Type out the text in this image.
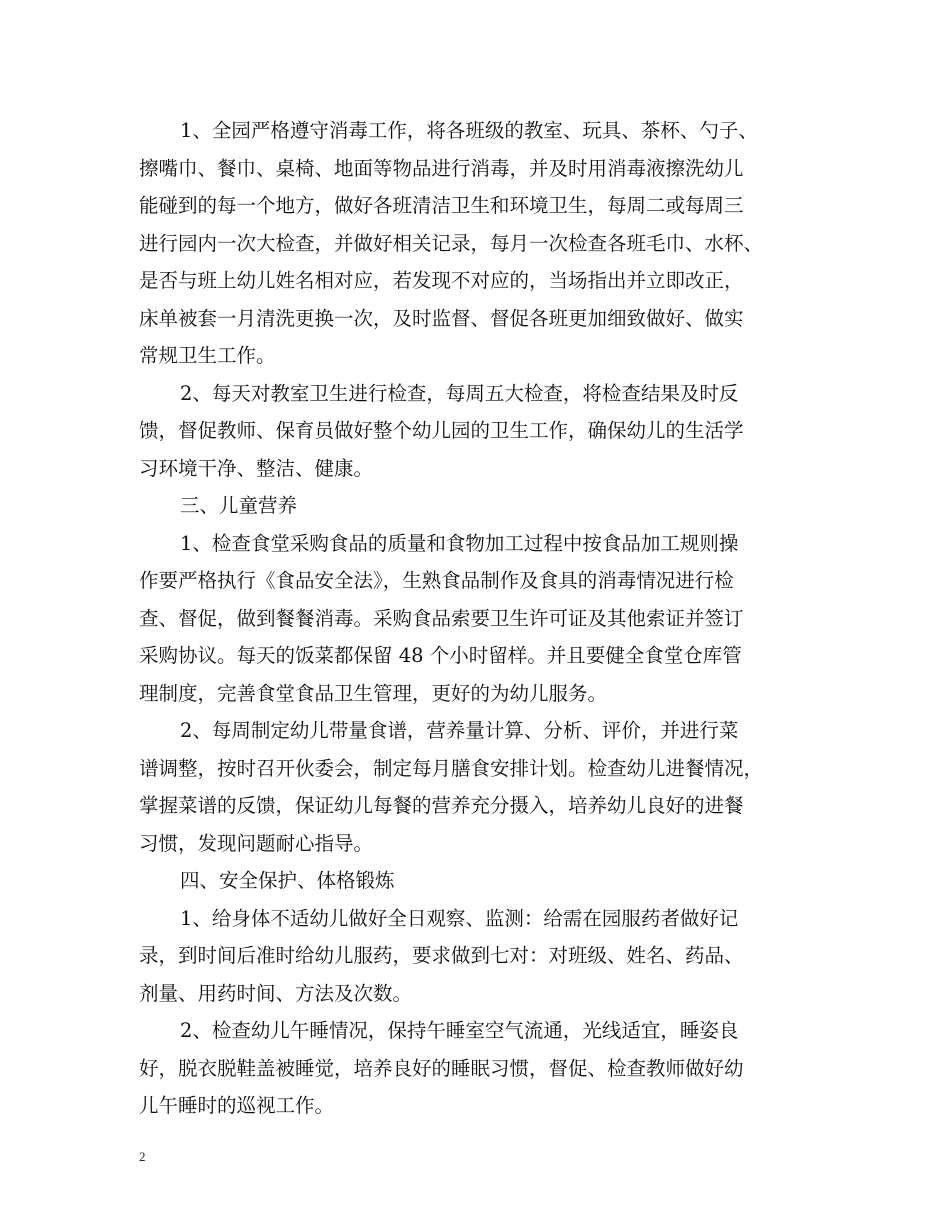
1、全园严格遵守消毒工作，将各班级的教室、玩具、茶杯、勺子、
擦嘴巾、餐巾、桌椅、地面等物品进行消毒，并及时用消毒液擦洗幼儿
能碰到的每一个地方，做好各班清洁卫生和环境卫生，每周二或每周三
进行园内一次大检查，并做好相关记录，每月一次检查各班毛巾、水杯、
是否与班上幼儿姓名相对应，若发现不对应的，当场指出并立即改正，
床单被套一月清洗更换一次，及时监督、督促各班更加细致做好、做实
常规卫生工作。
2、每天对教室卫生进行检查，每周五大检查，将检查结果及时反
馈，督促教师、保育员做好整个幼儿园的卫生工作，确保幼儿的生活学
习环境干净、整洁、健康。
三、儿童营养
1、检查食堂采购食品的质量和食物加工过程中按食品加工规则操
作要严格执行《食品安全法》，生熟食品制作及食具的消毒情况进行检
查、督促，做到餐餐消毒。采购食品索要卫生许可证及其他索证并签订
采购协议。每天的饭菜都保留 48 个小时留样。并且要健全食堂仓库管
理制度，完善食堂食品卫生管理，更好的为幼儿服务。
2、每周制定幼儿带量食谱，营养量计算、分析、评价，并进行菜
谱调整，按时召开伙委会，制定每月膳食安排计划。检查幼儿进餐情况，
掌握菜谱的反馈，保证幼儿每餐的营养充分摄入，培养幼儿良好的进餐
习惯，发现问题耐心指导。
四、安全保护、体格锻炼
1、给身体不适幼儿做好全日观察、监测：给需在园服药者做好记
录，到时间后准时给幼儿服药，要求做到七对：对班级、姓名、药品、
剂量、用药时间、方法及次数。
2、检查幼儿午睡情况，保持午睡室空气流通，光线适宜，睡姿良
好，脱衣脱鞋盖被睡觉，培养良好的睡眠习惯，督促、检查教师做好幼
儿午睡时的巡视工作。
2
